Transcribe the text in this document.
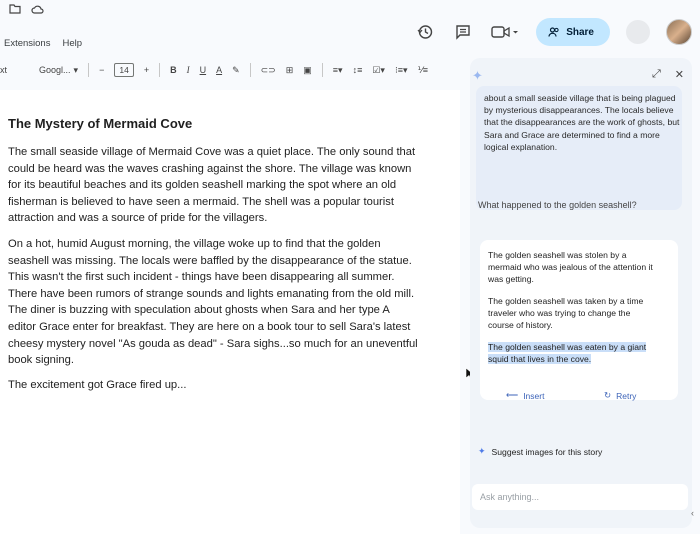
Extensions Help
Share
xt	Googl... ▾ −	14	+ B I U A ✎ ⊂⊃ ⊞ ▣ ≡▾ ↕≡ ☑▾ ⁝≡▾ ⅟≡
The Mystery of Mermaid Cove

The small seaside village of Mermaid Cove was a quiet place. The only sound that could be heard was the waves crashing against the shore. The village was known for its beautiful beaches and its golden seashell marking the spot where an old fisherman is believed to have seen a mermaid. The shell was a popular tourist attraction and was a source of pride for the villagers.

On a hot, humid August morning, the village woke up to find that the golden seashell was missing. The locals were baffled by the disappearance of the statue. This wasn't the first such incident - things have been disappearing all summer. There have been rumors of strange sounds and lights emanating from the old mill. The diner is buzzing with speculation about ghosts when Sara and her type A editor Grace enter for breakfast. They are here on a book tour to sell Sara's latest cheesy mystery novel "As gouda as dead" - Sara sighs...so much for an uneventful book signing.

The excitement got Grace fired up...

✦	⤢ ✕

about a small seaside village that is being plagued by mysterious disappearances. The locals believe that the disappearances are the work of ghosts, but Sara and Grace are determined to find a more logical explanation.

What happened to the golden seashell?

The golden seashell was stolen by a mermaid who was jealous of the attention it was getting.

The golden seashell was taken by a time traveler who was trying to change the course of history.

The golden seashell was eaten by a giant squid that lives in the cove.

⟵ Insert	↻ Retry
✦ Suggest images for this story
Ask anything...
‹
